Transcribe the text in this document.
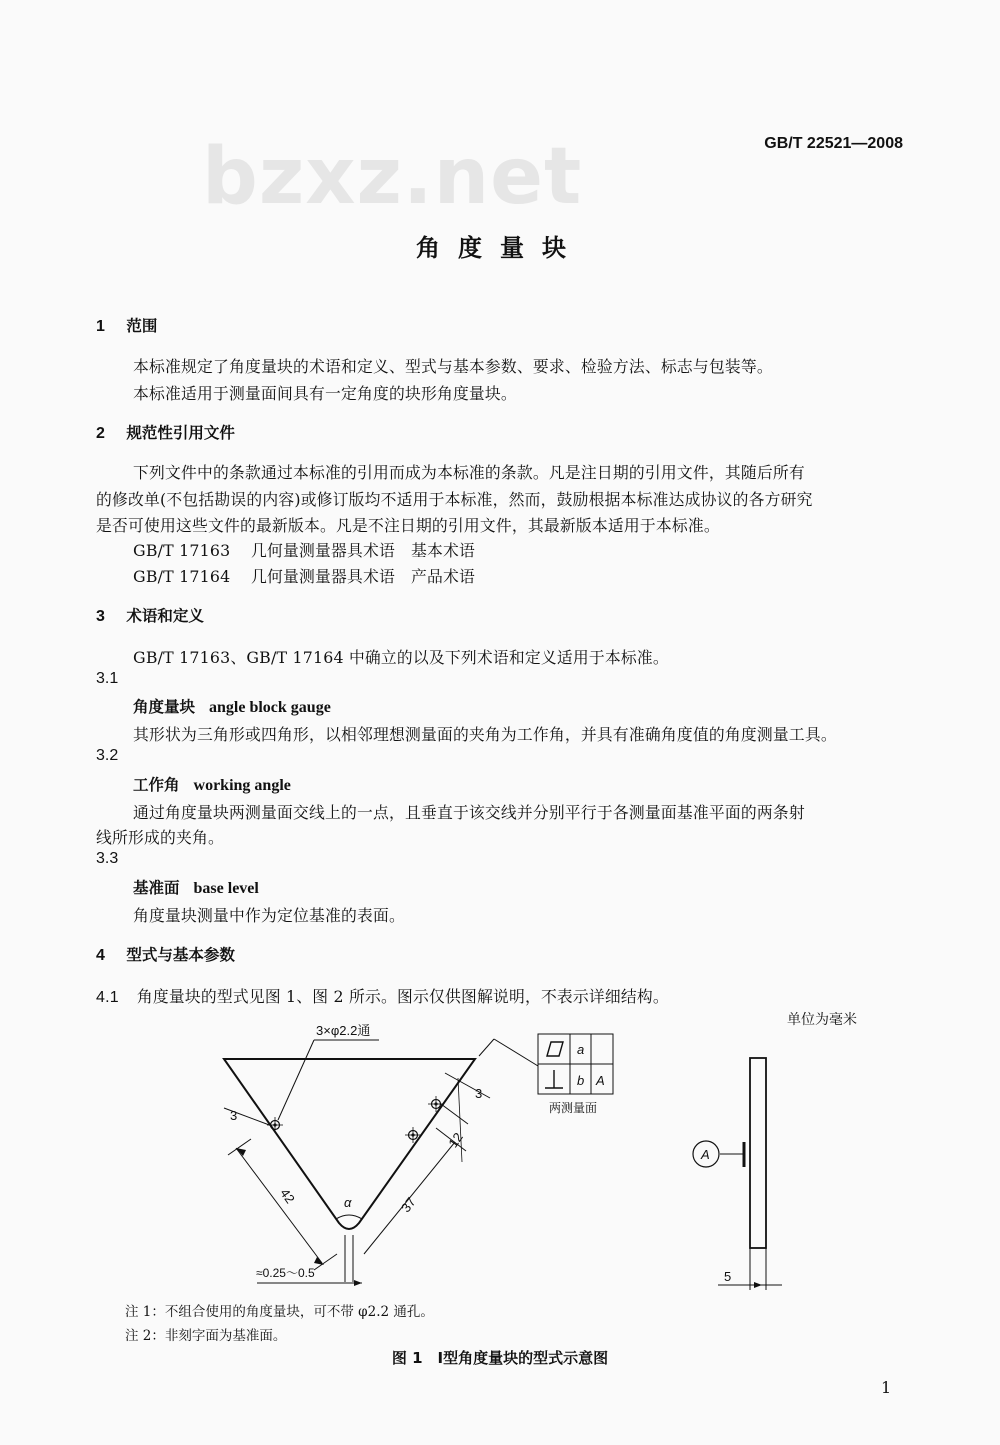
bzxz.net	GB/T 22521—2008
角度量块
1 范围
本标准规定了角度量块的术语和定义、型式与基本参数、要求、检验方法、标志与包装等。
本标准适用于测量面间具有一定角度的块形角度量块。
2 规范性引用文件
下列文件中的条款通过本标准的引用而成为本标准的条款。凡是注日期的引用文件，其随后所有
的修改单(不包括勘误的内容)或修订版均不适用于本标准，然而，鼓励根据本标准达成协议的各方研究
是否可使用这些文件的最新版本。凡是不注日期的引用文件，其最新版本适用于本标准。
GB/T 17163 几何量测量器具术语　基本术语
GB/T 17164 几何量测量器具术语　产品术语
3 术语和定义
GB/T 17163、GB/T 17164 中确立的以及下列术语和定义适用于本标准。
3.1
角度量块 angle block gauge
其形状为三角形或四角形，以相邻理想测量面的夹角为工作角，并具有准确角度值的角度测量工具。
3.2
工作角 working angle
通过角度量块两测量面交线上的一点，且垂直于该交线并分别平行于各测量面基准平面的两条射
线所形成的夹角。
3.3
基准面 base level
角度量块测量中作为定位基准的表面。
4 型式与基本参数
4.1 角度量块的型式见图 1、图 2 所示。图示仅供图解说明，不表示详细结构。
单位为毫米
3×φ2.2通
a
b A
两测量面
3
3
12
42	37
α
≈0.25～0.5
A
5
注 1：不组合使用的角度量块，可不带 φ2.2 通孔。
注 2：非刻字面为基准面。
图 1　Ⅰ型角度量块的型式示意图
1
